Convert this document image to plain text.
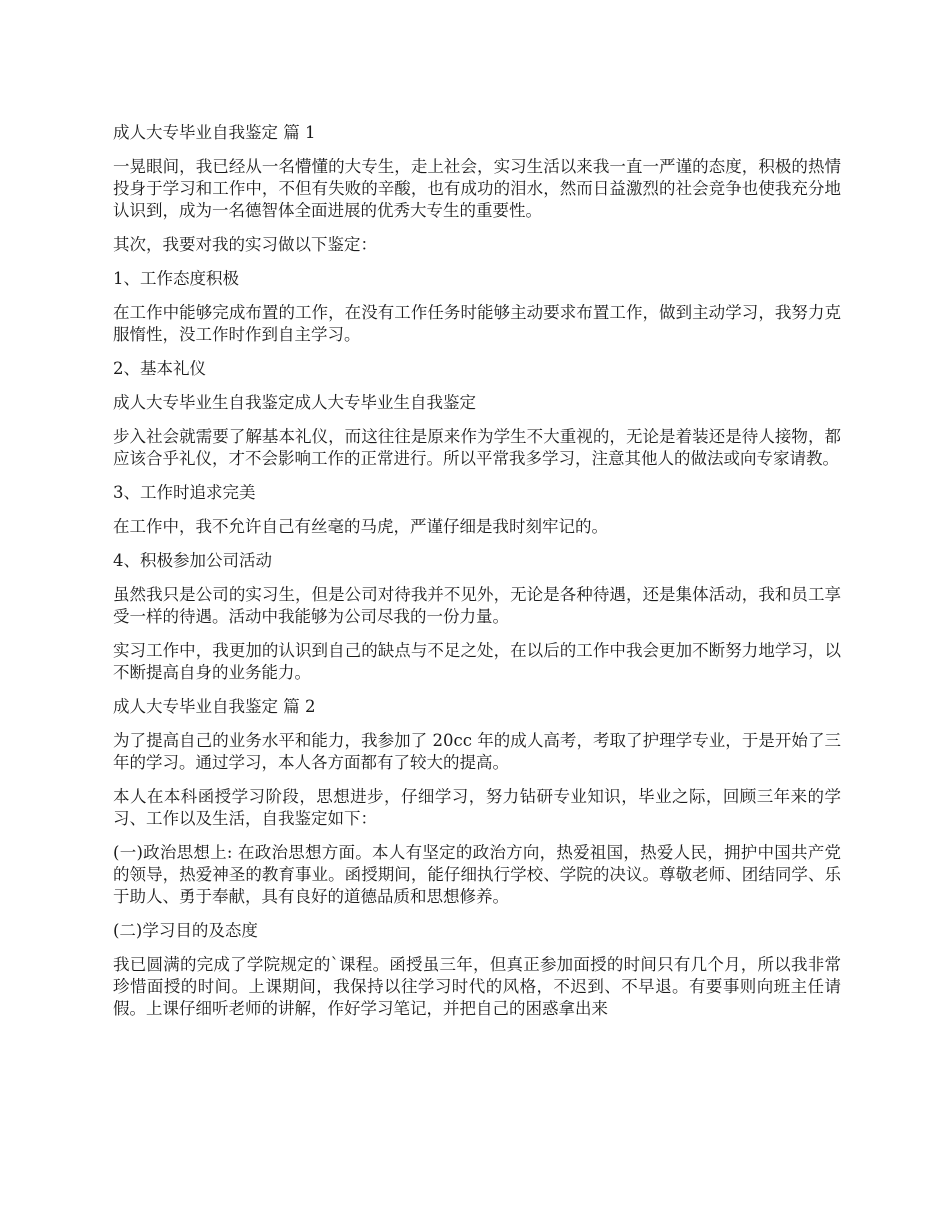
成人大专毕业自我鉴定 篇 1

一晃眼间，我已经从一名懵懂的大专生，走上社会，实习生活以来我一直一严谨的态度，积极的热情投身于学习和工作中，不但有失败的辛酸，也有成功的泪水，然而日益激烈的社会竞争也使我充分地认识到，成为一名德智体全面进展的优秀大专生的重要性。

其次，我要对我的实习做以下鉴定：

1、工作态度积极

在工作中能够完成布置的工作，在没有工作任务时能够主动要求布置工作，做到主动学习，我努力克服惰性，没工作时作到自主学习。

2、基本礼仪

成人大专毕业生自我鉴定成人大专毕业生自我鉴定

步入社会就需要了解基本礼仪，而这往往是原来作为学生不大重视的，无论是着装还是待人接物，都应该合乎礼仪，才不会影响工作的正常进行。所以平常我多学习，注意其他人的做法或向专家请教。

3、工作时追求完美

在工作中，我不允许自己有丝毫的马虎，严谨仔细是我时刻牢记的。

4、积极参加公司活动

虽然我只是公司的实习生，但是公司对待我并不见外，无论是各种待遇，还是集体活动，我和员工享受一样的待遇。活动中我能够为公司尽我的一份力量。

实习工作中，我更加的认识到自己的缺点与不足之处，在以后的工作中我会更加不断努力地学习，以不断提高自身的业务能力。

成人大专毕业自我鉴定 篇 2

为了提高自己的业务水平和能力，我参加了 20cc 年的成人高考，考取了护理学专业，于是开始了三年的学习。通过学习，本人各方面都有了较大的提高。

本人在本科函授学习阶段，思想进步，仔细学习，努力钻研专业知识，毕业之际，回顾三年来的学习、工作以及生活，自我鉴定如下：

(一)政治思想上: 在政治思想方面。本人有坚定的政治方向，热爱祖国，热爱人民，拥护中国共产党的领导，热爱神圣的教育事业。函授期间，能仔细执行学校、学院的决议。尊敬老师、团结同学、乐于助人、勇于奉献，具有良好的道德品质和思想修养。

(二)学习目的及态度

我已圆满的完成了学院规定的`课程。函授虽三年，但真正参加面授的时间只有几个月，所以我非常珍惜面授的时间。上课期间，我保持以往学习时代的风格，不迟到、不早退。有要事则向班主任请假。上课仔细听老师的讲解，作好学习笔记，并把自己的困惑拿出来
